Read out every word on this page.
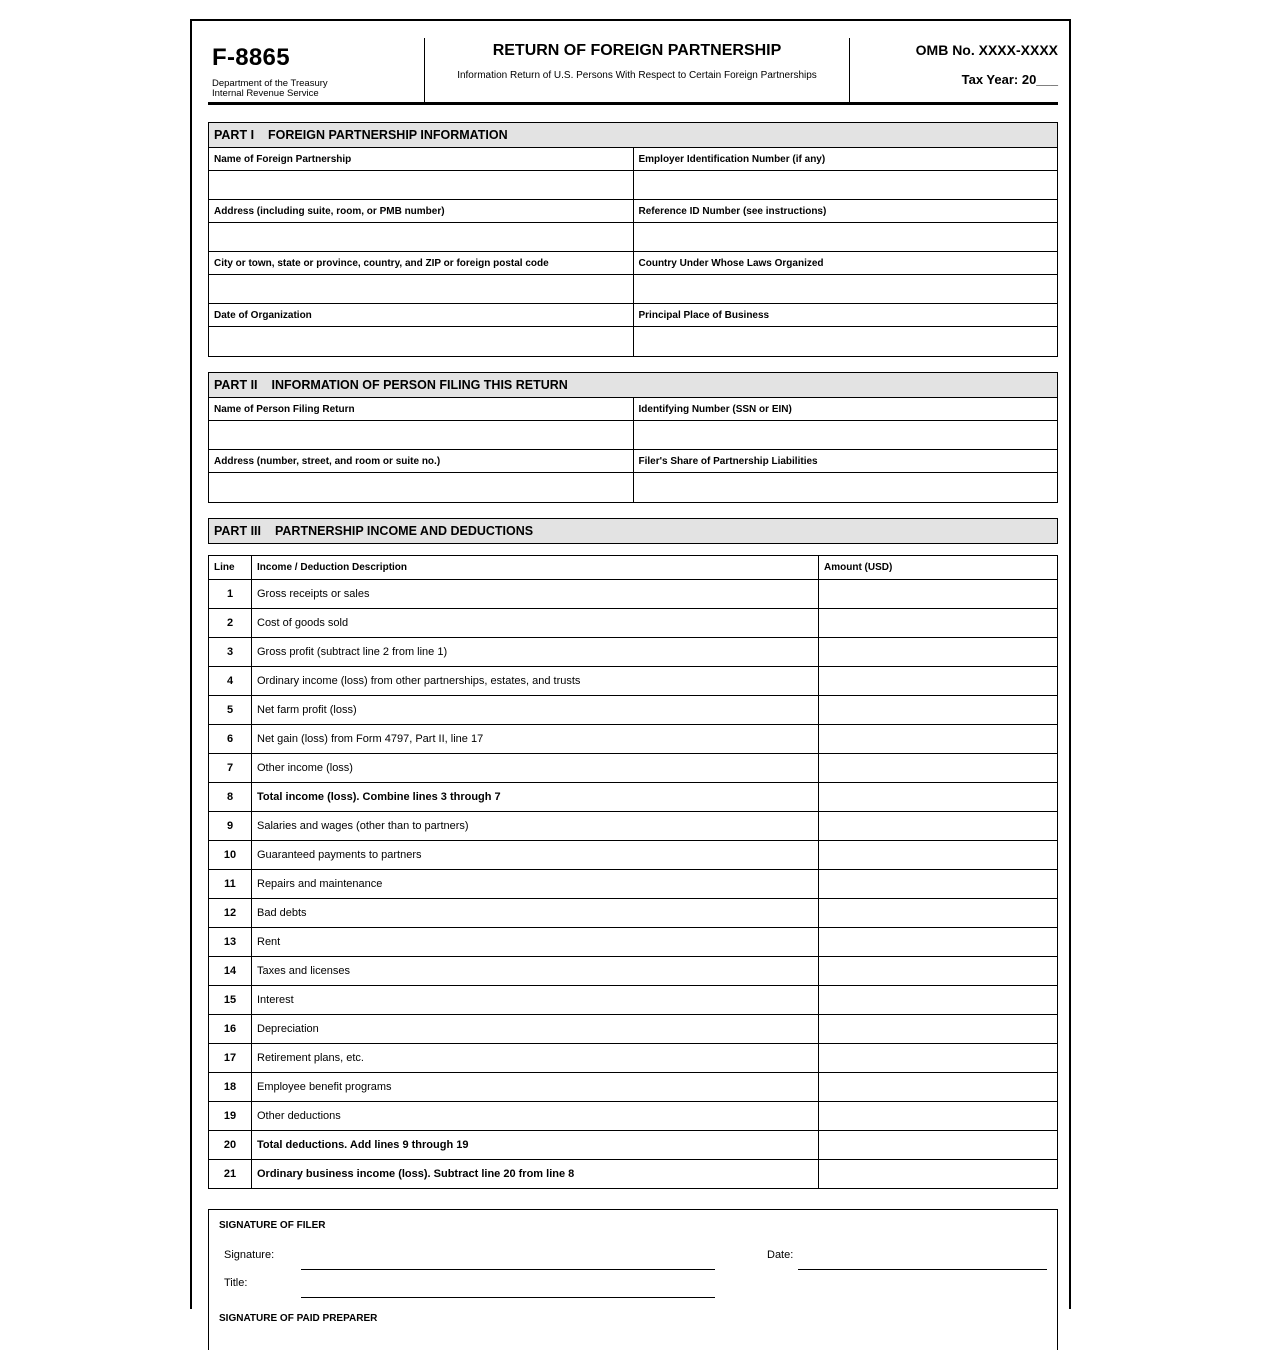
F-8865
Department of the Treasury
Internal Revenue Service
RETURN OF FOREIGN PARTNERSHIP
Information Return of U.S. Persons With Respect to Certain Foreign Partnerships
OMB No. XXXX-XXXX
Tax Year: 20___
PART I FOREIGN PARTNERSHIP INFORMATION
Name of Foreign Partnership	Employer Identification Number (if any)
Address (including suite, room, or PMB number)	Reference ID Number (see instructions)
City or town, state or province, country, and ZIP or foreign postal code	Country Under Whose Laws Organized
Date of Organization	Principal Place of Business
PART II INFORMATION OF PERSON FILING THIS RETURN
Name of Person Filing Return	Identifying Number (SSN or EIN)
Address (number, street, and room or suite no.)	Filer's Share of Partnership Liabilities
PART III PARTNERSHIP INCOME AND DEDUCTIONS
Line	Income / Deduction Description	Amount (USD)
1	Gross receipts or sales	
2	Cost of goods sold	
3	Gross profit (subtract line 2 from line 1)	
4	Ordinary income (loss) from other partnerships, estates, and trusts	
5	Net farm profit (loss)	
6	Net gain (loss) from Form 4797, Part II, line 17	
7	Other income (loss)	
8	Total income (loss). Combine lines 3 through 7	
9	Salaries and wages (other than to partners)	
10	Guaranteed payments to partners	
11	Repairs and maintenance	
12	Bad debts	
13	Rent	
14	Taxes and licenses	
15	Interest	
16	Depreciation	
17	Retirement plans, etc.	
18	Employee benefit programs	
19	Other deductions	
20	Total deductions. Add lines 9 through 19	
21	Ordinary business income (loss). Subtract line 20 from line 8	
SIGNATURE OF FILER
Signature:	Date:
Title:
SIGNATURE OF PAID PREPARER
